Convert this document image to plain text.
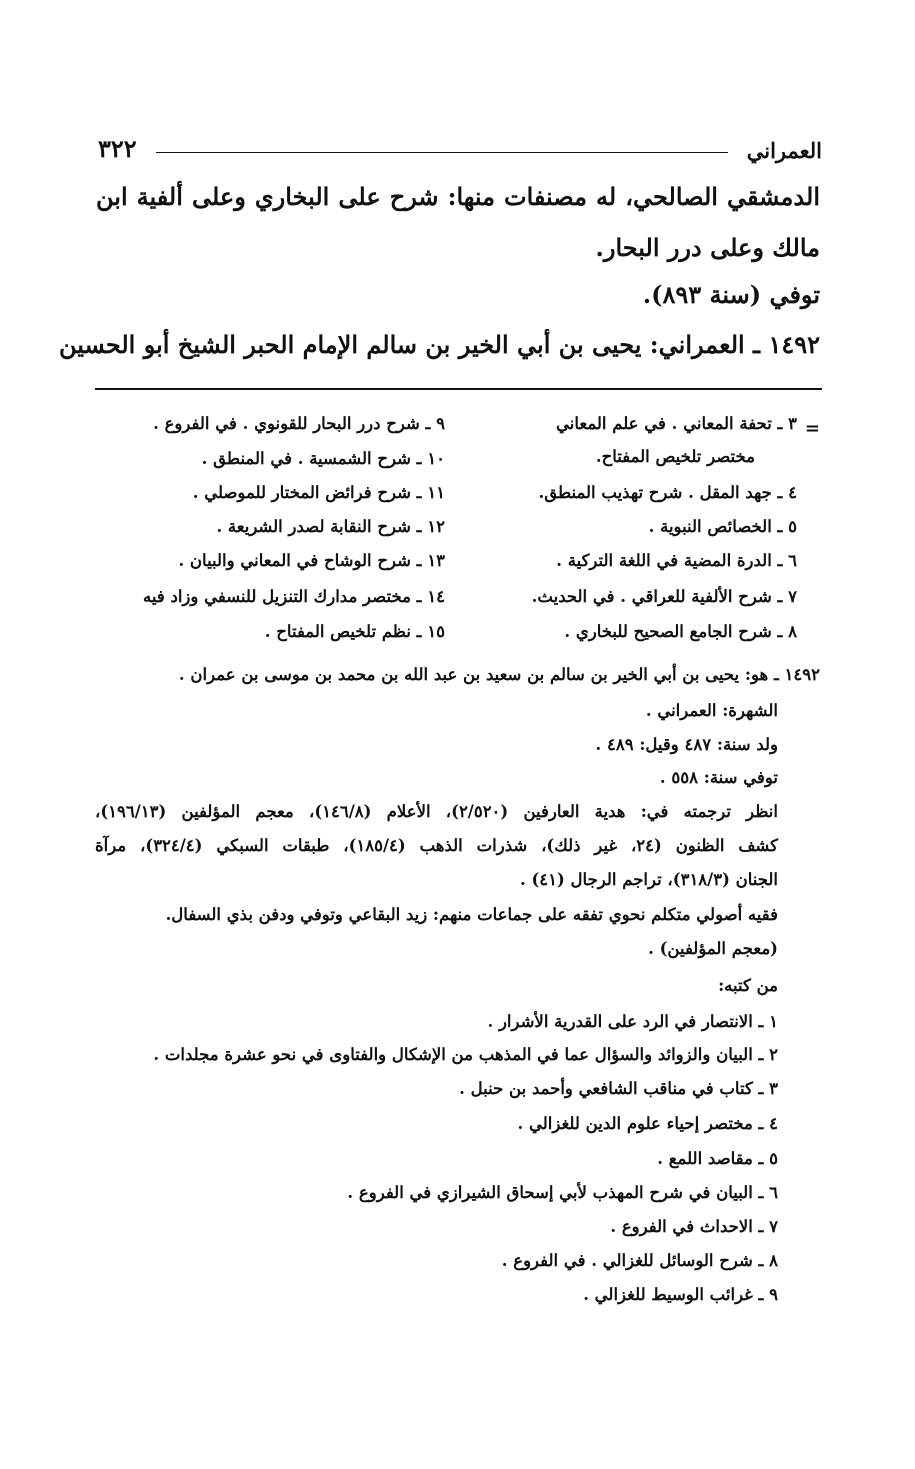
العمراني
٣٢٢
الدمشقي الصالحي، له مصنفات منها: شرح على البخاري وعلى ألفية ابن
مالك وعلى درر البحار.
توفي (سنة ٨٩٣).
١٤٩٢ ـ العمراني: يحيى بن أبي الخير بن سالم الإمام الحبر الشيخ أبو الحسين
=
٣ ـ تحفة المعاني . في علم المعاني
مختصر تلخيص المفتاح.
٤ ـ جهد المقل . شرح تهذيب المنطق.
٥ ـ الخصائص النبوية .
٦ ـ الدرة المضية في اللغة التركية .
٧ ـ شرح الألفية للعراقي . في الحديث.
٨ ـ شرح الجامع الصحيح للبخاري .
٩ ـ شرح درر البحار للقونوي . في الفروع .
١٠ ـ شرح الشمسية . في المنطق .
١١ ـ شرح فرائض المختار للموصلي .
١٢ ـ شرح النقابة لصدر الشريعة .
١٣ ـ شرح الوشاح في المعاني والبيان .
١٤ ـ مختصر مدارك التنزيل للنسفي وزاد فيه
١٥ ـ نظم تلخيص المفتاح .
١٤٩٢ ـ هو: يحيى بن أبي الخير بن سالم بن سعيد بن عبد الله بن محمد بن موسى بن عمران .
الشهرة: العمراني .
ولد سنة: ٤٨٧ وقيل: ٤٨٩ .
توفي سنة: ٥٥٨ .
انظر ترجمته في: هدية العارفين (٢/٥٢٠)، الأعلام (١٤٦/٨)، معجم المؤلفين (١٩٦/١٣)،
كشف الظنون (٢٤، غير ذلك)، شذرات الذهب (١٨٥/٤)، طبقات السبكي (٣٢٤/٤)، مرآة
الجنان (٣١٨/٣)، تراجم الرجال (٤١) .
فقيه أصولي متكلم نحوي تفقه على جماعات منهم: زيد البقاعي وتوفي ودفن بذي السفال.
(معجم المؤلفين) .
من كتبه:
١ ـ الانتصار في الرد على القدرية الأشرار .
٢ ـ البيان والزوائد والسؤال عما في المذهب من الإشكال والفتاوى في نحو عشرة مجلدات .
٣ ـ كتاب في مناقب الشافعي وأحمد بن حنبل .
٤ ـ مختصر إحياء علوم الدين للغزالي .
٥ ـ مقاصد اللمع .
٦ ـ البيان في شرح المهذب لأبي إسحاق الشيرازي في الفروع .
٧ ـ الاحداث في الفروع .
٨ ـ شرح الوسائل للغزالي . في الفروع .
٩ ـ غرائب الوسيط للغزالي .
